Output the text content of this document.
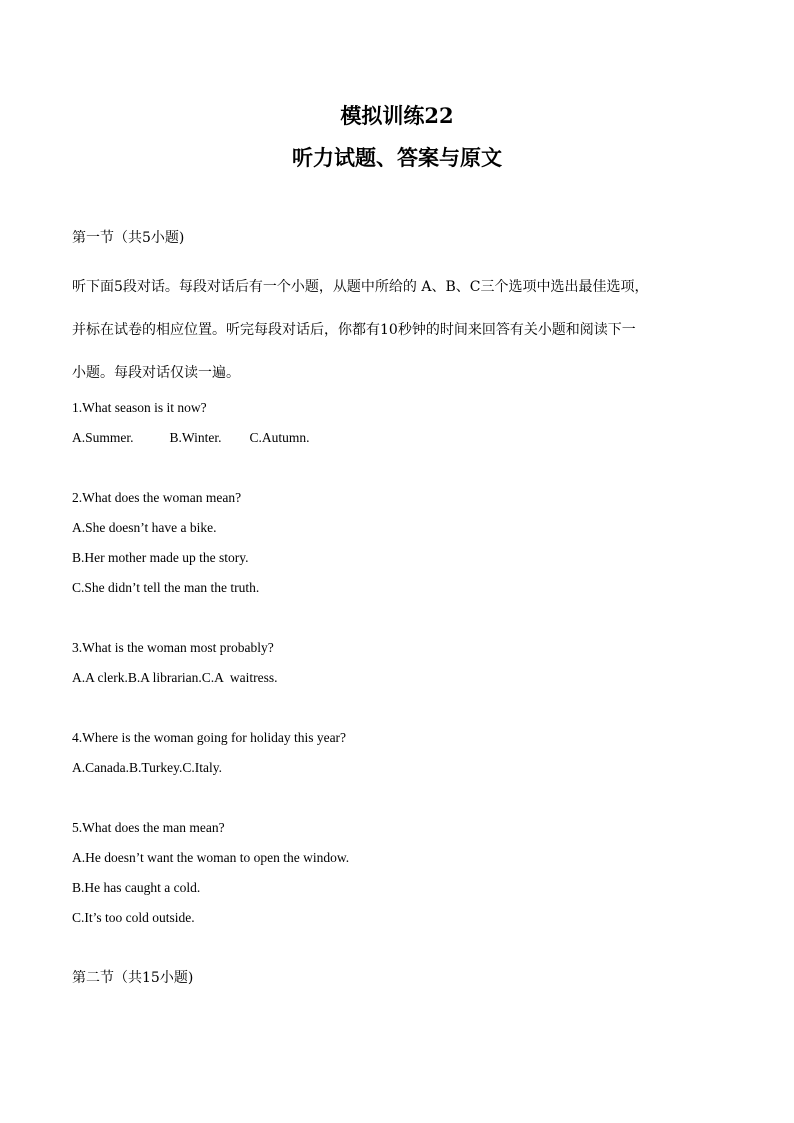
模拟训练22
听力试题、答案与原文
第一节（共5小题)
听下面5段对话。每段对话后有一个小题，从题中所给的 A、B、C三个选项中选出最佳选项，
并标在试卷的相应位置。听完每段对话后，你都有10秒钟的时间来回答有关小题和阅读下一
小题。每段对话仅读一遍。
1.What season is it now?
A.Summer.	B.Winter. C.Autumn.
2.What does the woman mean?
A.She doesn’t have a bike.
B.Her mother made up the story.
C.She didn’t tell the man the truth.
3.What is the woman most probably?
A.A clerk.B.A librarian.C.A  waitress.
4.Where is the woman going for holiday this year?
A.Canada.B.Turkey.C.Italy.
5.What does the man mean?
A.He doesn’t want the woman to open the window.
B.He has caught a cold.
C.It’s too cold outside.
第二节（共15小题)
